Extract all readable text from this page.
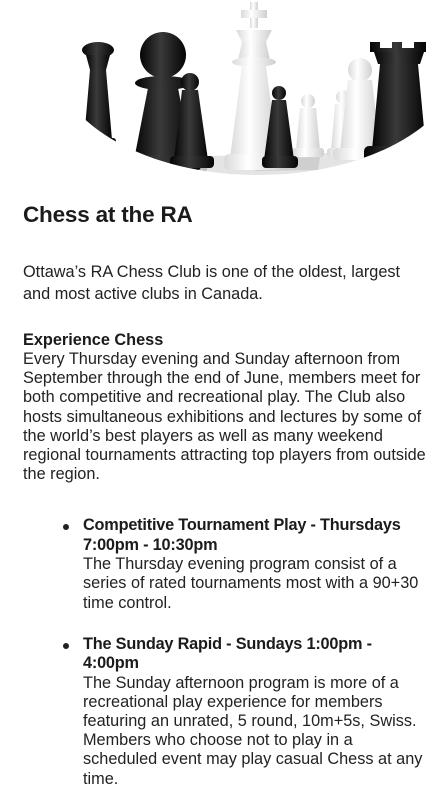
Chess at the RA

Ottawa’s RA Chess Club is one of the oldest, largest and most active clubs in Canada.

Experience Chess

Every Thursday evening and Sunday afternoon from September through the end of June, members meet for both competitive and recreational play. The Club also hosts simultaneous exhibitions and lectures by some of the world’s best players as well as many weekend regional tournaments attracting top players from outside the region.

Competitive Tournament Play - Thursdays 7:00pm - 10:30pm
The Thursday evening program consist of a series of rated tournaments most with a 90+30 time control.
The Sunday Rapid - Sundays 1:00pm - 4:00pm
The Sunday afternoon program is more of a recreational play experience for members featuring an unrated, 5 round, 10m+5s, Swiss. Members who choose not to play in a scheduled event may play casual Chess at any time.
